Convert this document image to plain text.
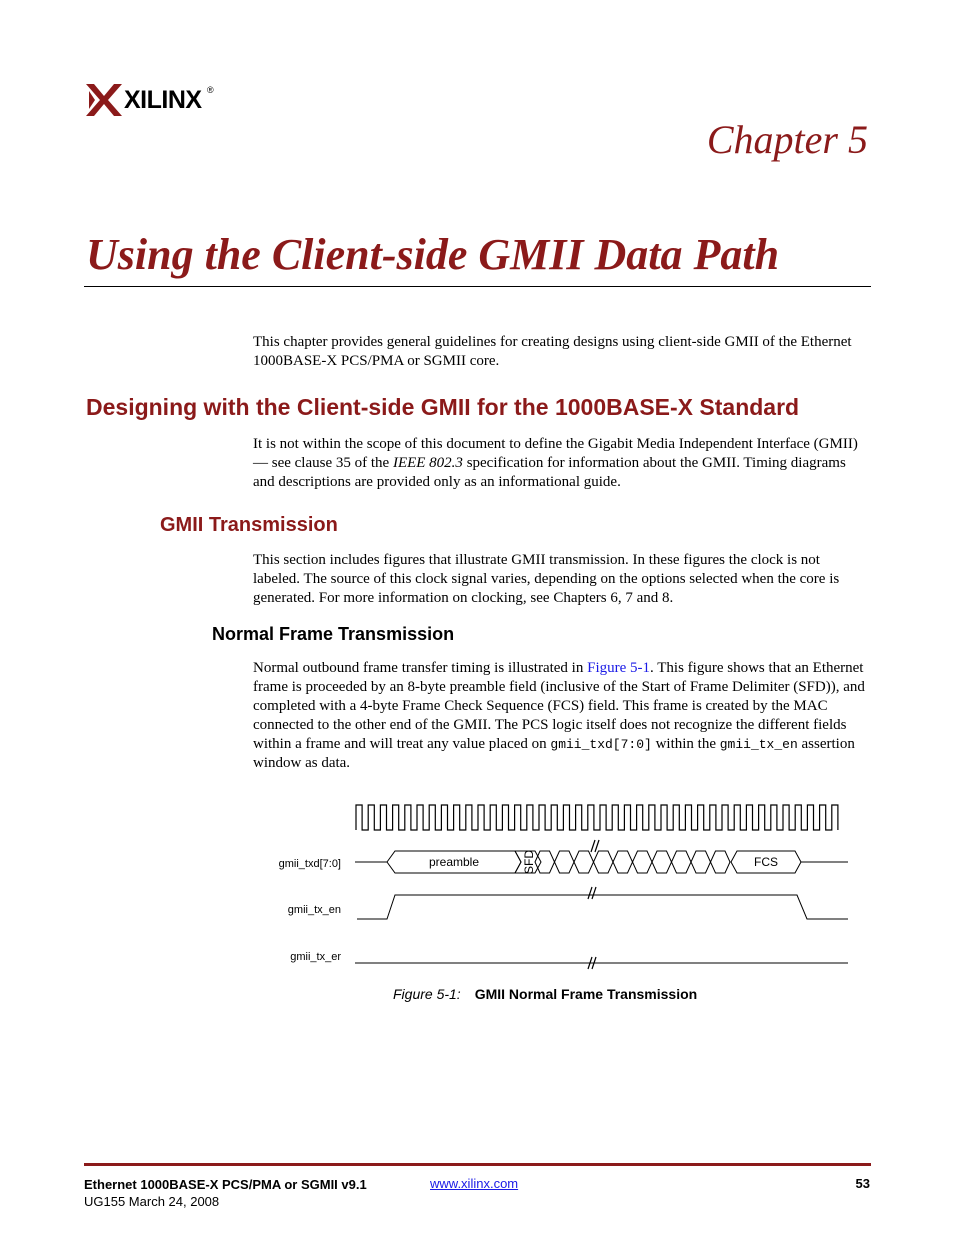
XILINX ®
Chapter 5
Using the Client-side GMII Data Path

This chapter provides general guidelines for creating designs using client-side GMII of the Ethernet 1000BASE-X PCS/PMA or SGMII core.

Designing with the Client-side GMII for the 1000BASE-X Standard

It is not within the scope of this document to define the Gigabit Media Independent Interface (GMII)— see clause 35 of the IEEE 802.3 specification for information about the GMII. Timing diagrams and descriptions are provided only as an informational guide.

GMII Transmission

This section includes figures that illustrate GMII transmission. In these figures the clock is not labeled. The source of this clock signal varies, depending on the options selected when the core is generated. For more information on clocking, see Chapters 6, 7 and 8.

Normal Frame Transmission

Normal outbound frame transfer timing is illustrated in Figure 5-1. This figure shows that an Ethernet frame is proceeded by an 8-byte preamble field (inclusive of the Start of Frame Delimiter (SFD)), and completed with a 4-byte Frame Check Sequence (FCS) field. This frame is created by the MAC connected to the other end of the GMII. The PCS logic itself does not recognize the different fields within a frame and will treat any value placed on gmii_txd[7:0] within the gmii_tx_en assertion window as data.

gmii_txd[7:0]
gmii_tx_en
gmii_tx_er
preamble	FCS
SFD
Figure 5-1: GMII Normal Frame Transmission
Ethernet 1000BASE-X PCS/PMA or SGMII v9.1
UG155 March 24, 2008
www.xilinx.com	53
